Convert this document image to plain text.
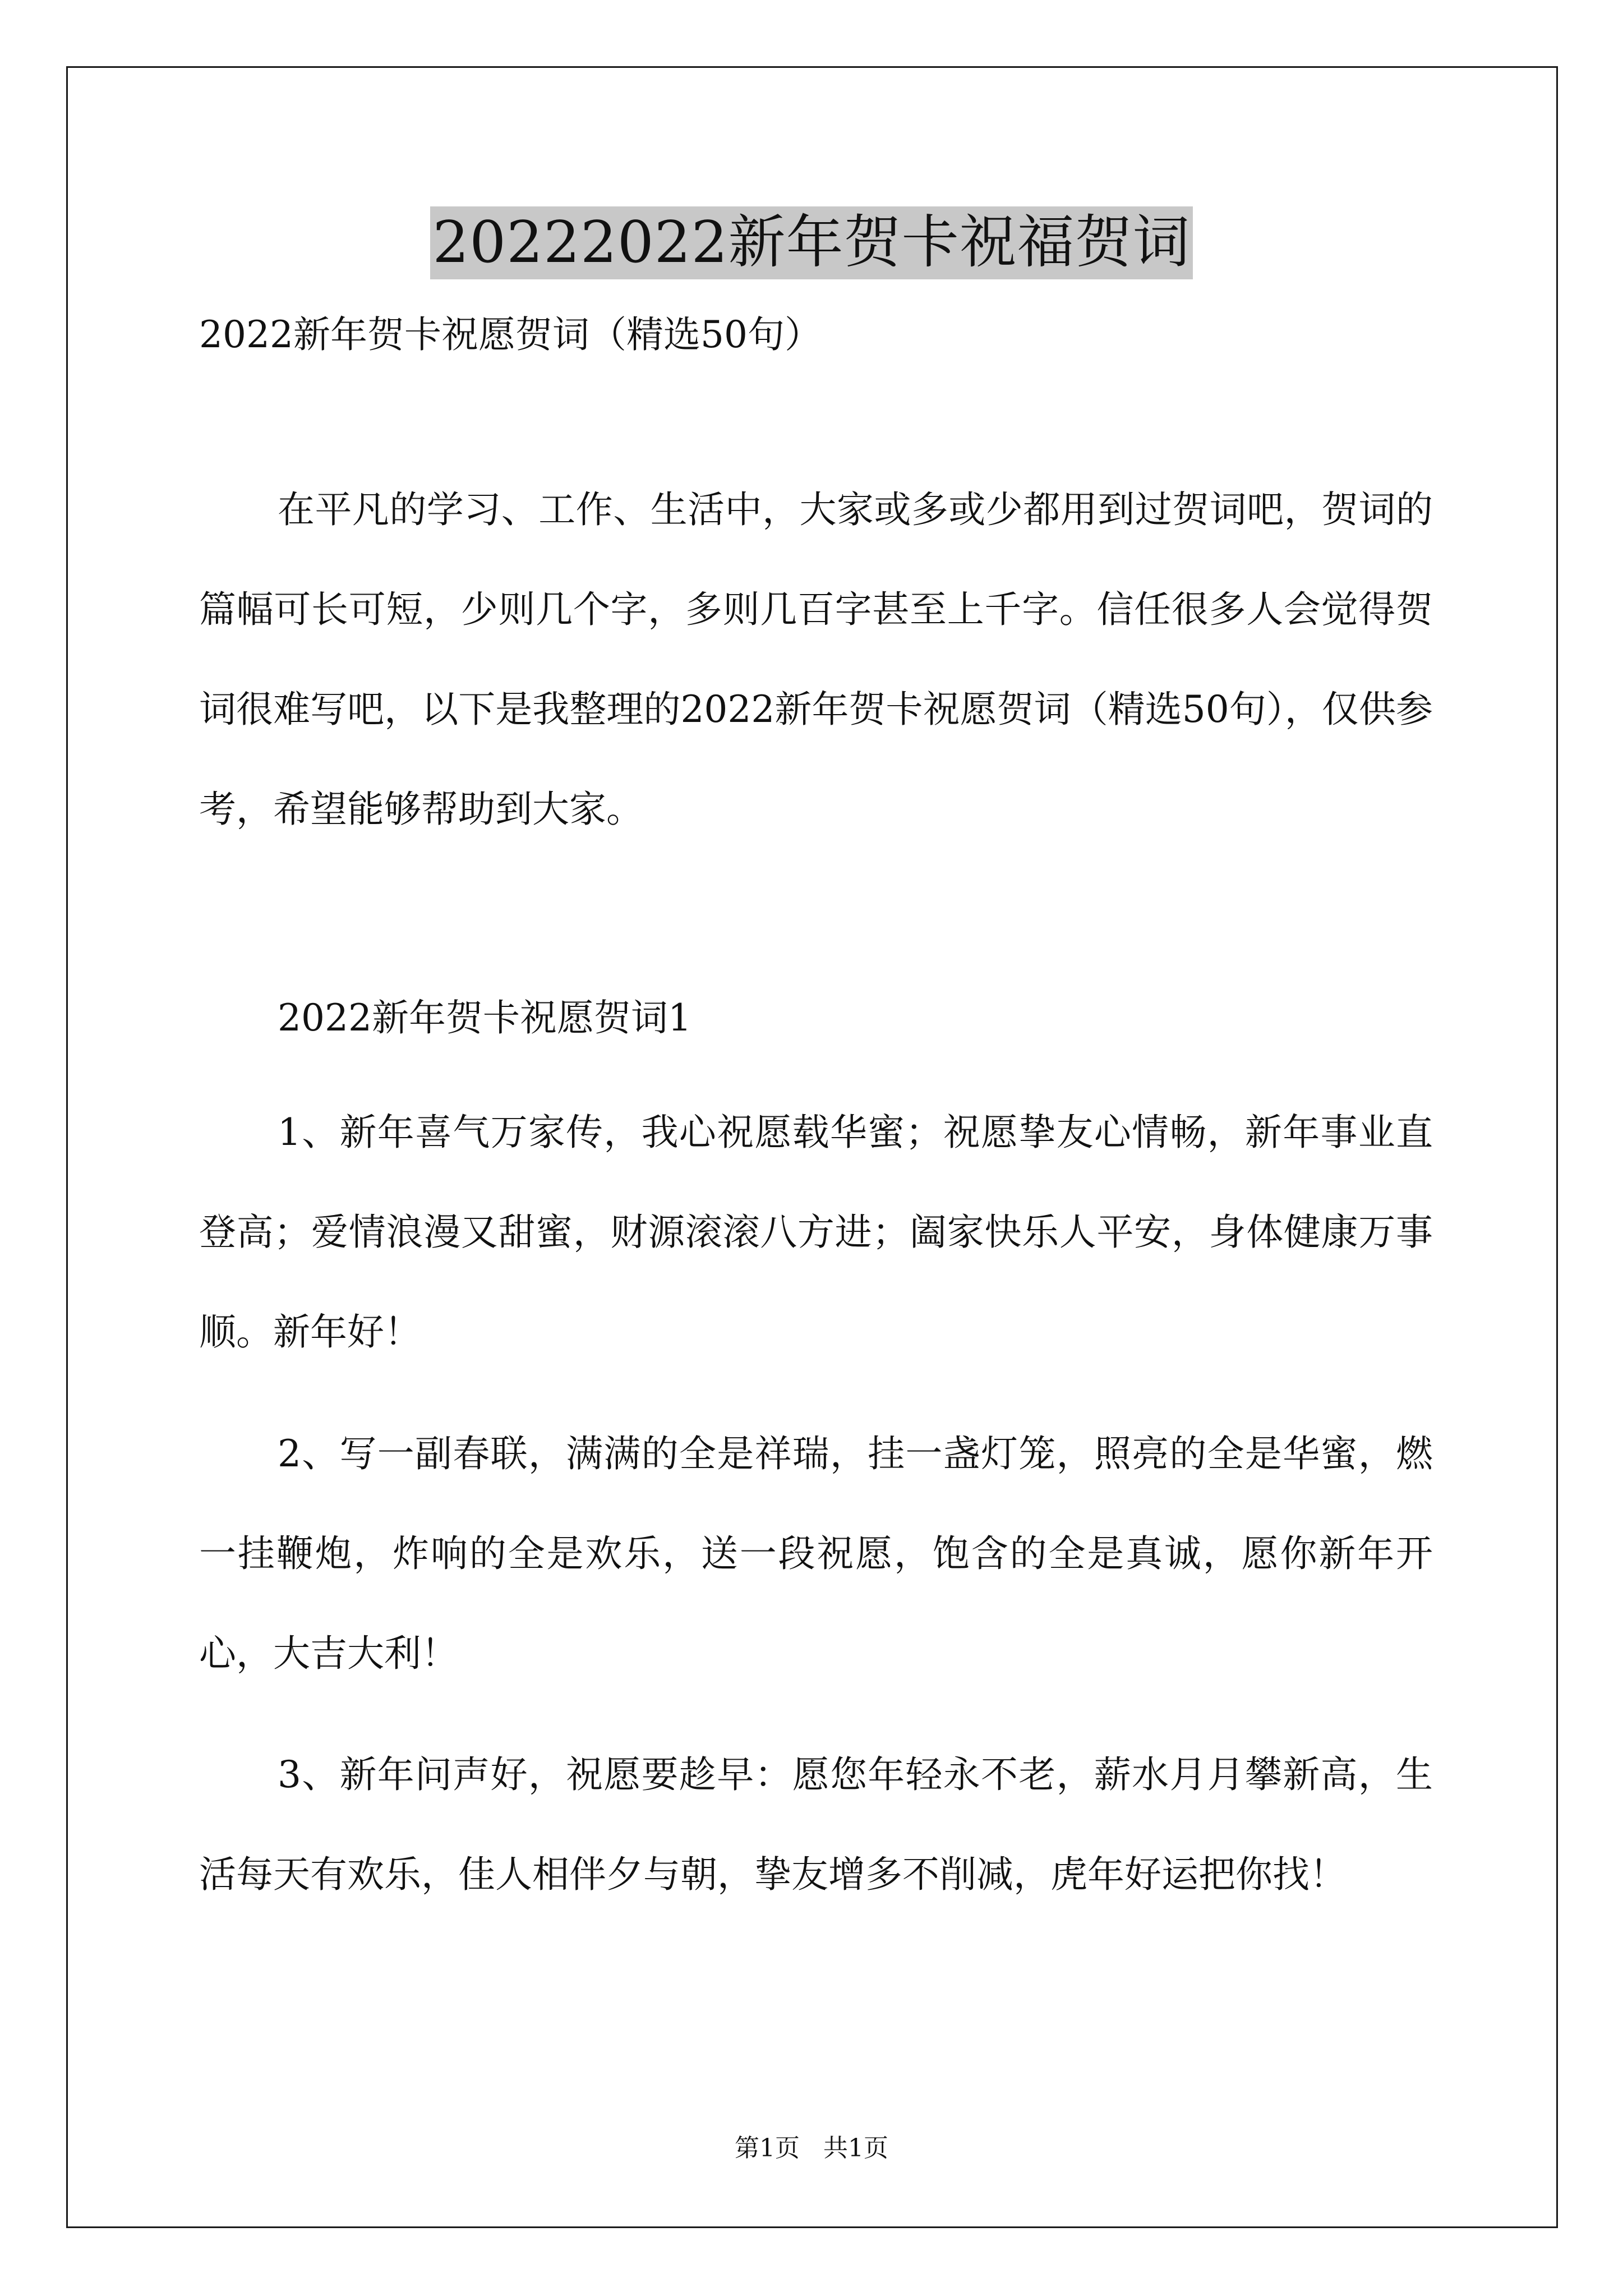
20222022新年贺卡祝福贺词
2022新年贺卡祝愿贺词（精选50句）

在平凡的学习、工作、生活中，大家或多或少都用到过贺词吧，贺词的篇幅可长可短，少则几个字，多则几百字甚至上千字。信任很多人会觉得贺词很难写吧，以下是我整理的2022新年贺卡祝愿贺词（精选50句），仅供参考，希望能够帮助到大家。

2022新年贺卡祝愿贺词1

1、新年喜气万家传，我心祝愿载华蜜；祝愿挚友心情畅，新年事业直登高；爱情浪漫又甜蜜，财源滚滚八方进；阖家快乐人平安，身体健康万事顺。新年好！

2、写一副春联，满满的全是祥瑞，挂一盏灯笼，照亮的全是华蜜，燃一挂鞭炮，炸响的全是欢乐，送一段祝愿，饱含的全是真诚，愿你新年开心，大吉大利！

3、新年问声好，祝愿要趁早：愿您年轻永不老，薪水月月攀新高，生活每天有欢乐，佳人相伴夕与朝，挚友增多不削减，虎年好运把你找！

第1页   共1页
